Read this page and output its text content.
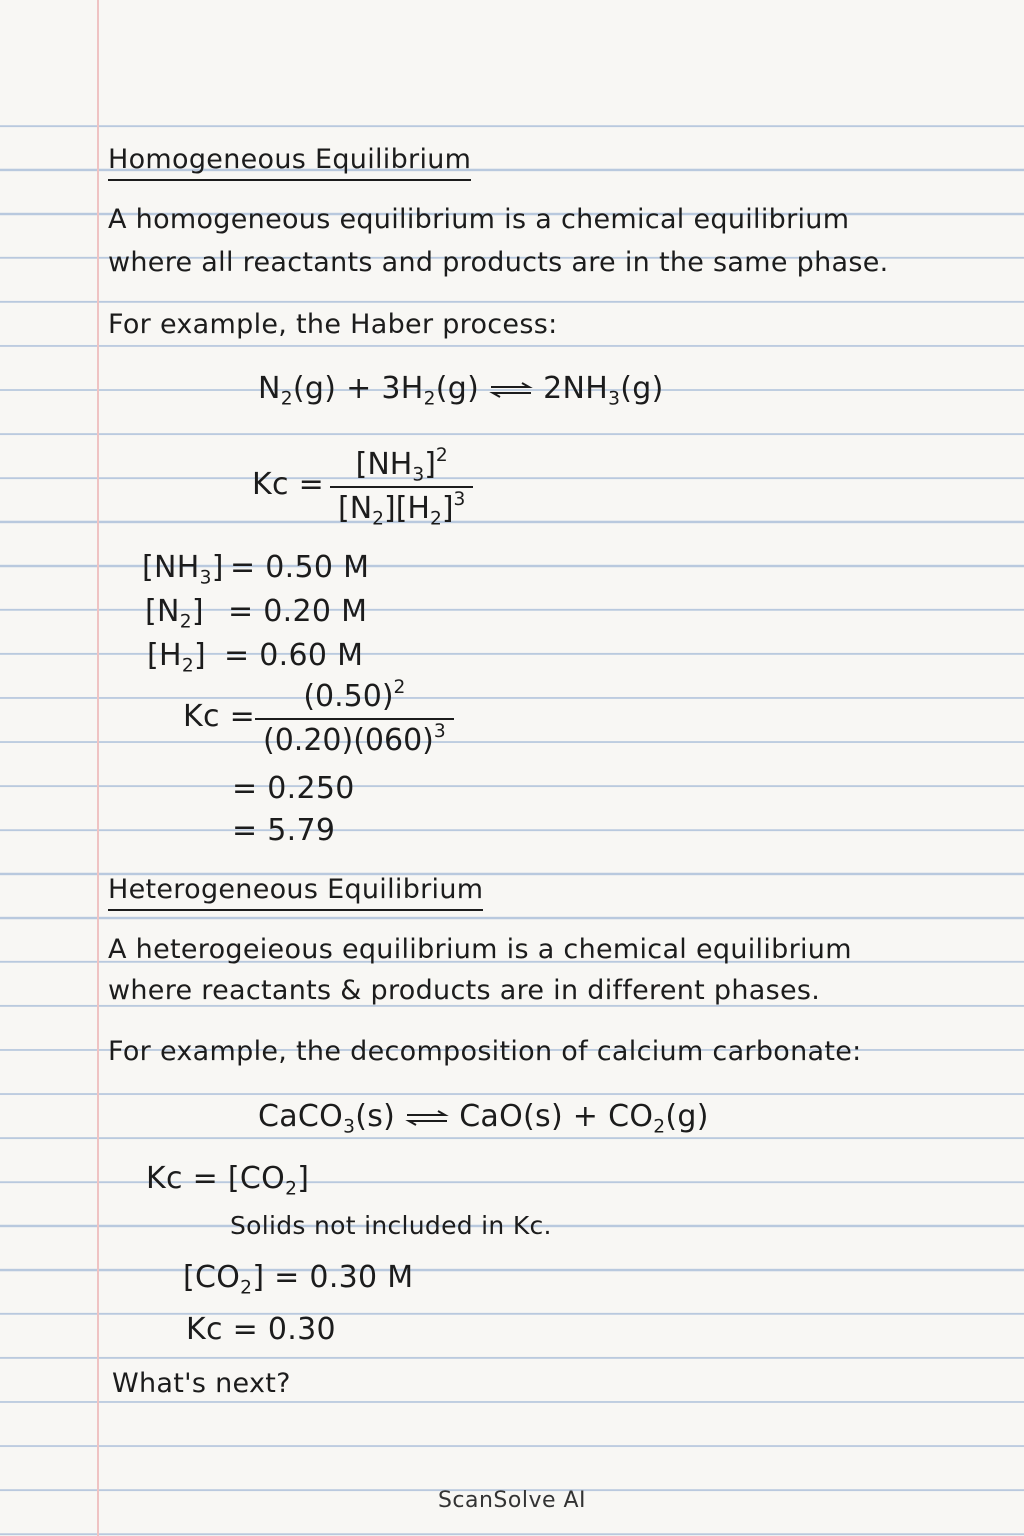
Homogeneous Equilibrium
A homogeneous equilibrium is a chemical equilibrium
where all reactants and products are in the same phase.
For example, the Haber process:
$N_2(g) + 3H_2(g)$ ⇌ $2NH_3(g)$
Kc =
$[NH_3]^2$
$[N_2][H_2]^3$
$[NH_3] = 0.50$ M
$[N_2] = 0.20$ M
$[H_2] = 0.60$ M
Kc =
$(0.50)^2$
$(0.20)(060)^3$
= 0.250
= 5.79
Heterogeneous Equilibrium
A heterogeieous equilibrium is a chemical equilibrium
where reactants & products are in different phases.
For example, the decomposition of calcium carbonate:
CaCO$_3$(s) ⇌ $CaO(s) + CO_2(g)$
$Kc = [CO_2]$
Solids not included in Kc.
$[CO_2] = 0.30$ M
Kc = 0.30
What's next?
ScanSolve AI
